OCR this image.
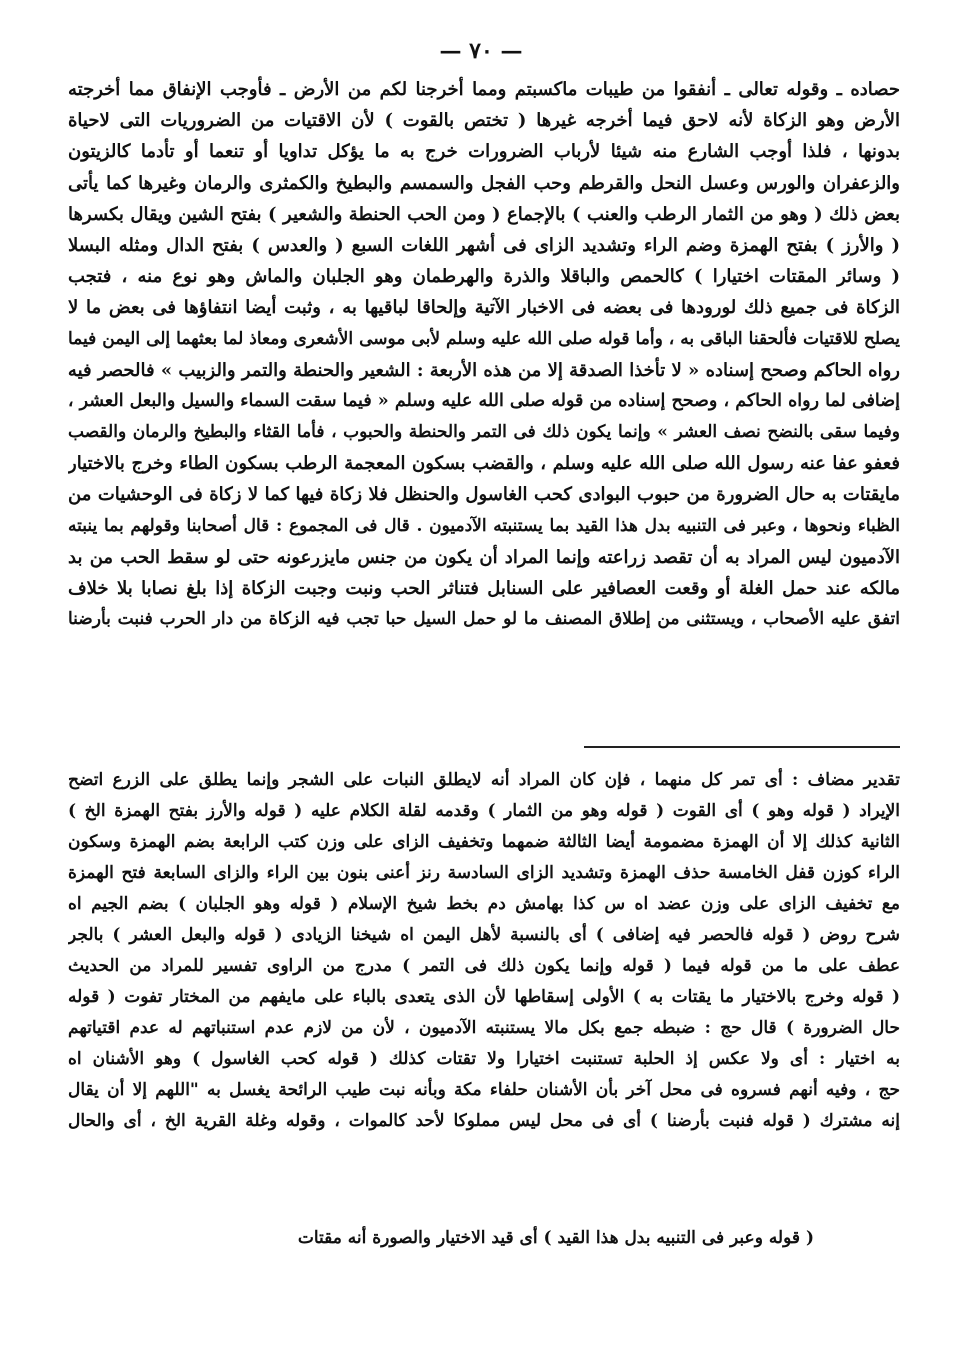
— ٧٠ —
حصاده ـ وقوله تعالى ـ أنفقوا من طيبات ماكسبتم ومما أخرجنا لكم من الأرض ـ فأوجب الإنفاق مما أخرجته
الأرض وهو الزكاة لأنه لاحق فيما أخرجه غيرها ( تختص بالقوت ) لأن الاقتيات من الضروريات التى لاحياة
بدونها ، فلذا أوجب الشارع منه شيئا لأرباب الضرورات خرج به ما يؤكل تداويا أو تنعما أو تأدما كالزيتون
والزعفران والورس وعسل النحل والقرطم وحب الفجل والسمسم والبطيخ والكمثرى والرمان وغيرها كما يأتى
بعض ذلك ( وهو من الثمار الرطب والعنب ) بالإجماع ( ومن الحب الحنطة والشعير ) بفتح الشين ويقال بكسرها
( والأرز ) بفتح الهمزة وضم الراء وتشديد الزاى فى أشهر اللغات السبع ( والعدس ) بفتح الدال ومثله البسلا
( وسائر المقتات اختيارا ) كالحمص والباقلا والذرة والهرطمان وهو الجلبان والماش وهو نوع منه ، فتجب
الزكاة فى جميع ذلك لورودها فى بعضه فى الاخبار الآتية وإلحاقا لباقيها به ، وثبت أيضا انتفاؤها فى بعض ما لا
يصلح للاقتيات فألحقنا الباقى به ، وأما قوله صلى الله عليه وسلم لأبى موسى الأشعرى ومعاذ لما بعثهما إلى اليمن فيما
رواه الحاكم وصحح إسناده « لا تأخذا الصدقة إلا من هذه الأربعة : الشعير والحنطة والتمر والزبيب » فالحصر فيه
إضافى لما رواه الحاكم ، وصحح إسناده من قوله صلى الله عليه وسلم « فيما سقت السماء والسيل والبعل العشر ،
وفيما سقى بالنضح نصف العشر » وإنما يكون ذلك فى التمر والحنطة والحبوب ، فأما القثاء والبطيخ والرمان والقصب
فعفو عفا عنه رسول الله صلى الله عليه وسلم ، والقضب بسكون المعجمة الرطب بسكون الطاء وخرج بالاختيار
مايقتات به حال الضرورة من حبوب البوادى كحب الغاسول والحنظل فلا زكاة فيها كما لا زكاة فى الوحشيات من
الظباء ونحوها ، وعبر فى التنبيه بدل هذا القيد بما يستنبته الآدميون . قال فى المجموع : قال أصحابنا وقولهم بما ينبته
الآدميون ليس المراد به أن تقصد زراعته وإنما المراد أن يكون من جنس مايزرعونه حتى لو سقط الحب من بد
مالكه عند حمل الغلة أو وقعت العصافير على السنابل فتناثر الحب ونبت وجبت الزكاة إذا بلغ نصابا بلا خلاف
اتفق عليه الأصحاب ، ويستثنى من إطلاق المصنف ما لو حمل السيل حبا تجب فيه الزكاة من دار الحرب فنبت بأرضنا
تقدير مضاف : أى تمر كل منهما ، فإن كان المراد أنه لايطلق النبات على الشجر وإنما يطلق على الزرع اتضح
الإيراد ( قوله وهو ) أى القوت ( قوله وهو من الثمار ) وقدمه لقلة الكلام عليه ( قوله والأرز بفتح الهمزة الخ )
الثانية كذلك إلا أن الهمزة مضمومة أيضا الثالثة ضمهما وتخفيف الزاى على وزن كتب الرابعة بضم الهمزة وسكون
الراء كوزن قفل الخامسة حذف الهمزة وتشديد الزاى السادسة رنز أعنى بنون بين الراء والزاى السابعة فتح الهمزة
مع تخفيف الزاى على وزن عضد اه س كذا بهامش دم بخط شيخ الإسلام ( قوله وهو الجلبان ) بضم الجيم اه
شرح روض ( قوله فالحصر فيه إضافى ) أى بالنسبة لأهل اليمن اه شيخنا الزيادى ( قوله والبعل العشر ) بالجر
عطف على ما من قوله فيما ( قوله وإنما يكون ذلك فى التمر ) مدرج من الراوى تفسير للمراد من الحديث
( قوله وخرج بالاختيار ما يقتات به ) الأولى إسقاطها لأن الذى يتعدى بالباء على مايفهم من المختار تفوت ( قوله
حال الضرورة ) قال حج : ضبطه جمع بكل مالا يستنبته الآدميون ، لأن من لازم عدم استنباتهم له عدم اقتياتهم
به اختيار : أى ولا عكس إذ الحلبة تستنبت اختيارا ولا تقتات كذلك ( قوله كحب الغاسول ) وهو الأشنان اه
حج ، وفيه أنهم فسروه فى محل آخر بأن الأشنان حلفاء مكة وبأنه نبت طيب الرائحة يغسل به "اللهم إلا أن يقال
إنه مشترك ( قوله فنبت بأرضنا ) أى فى محل ليس مملوكا لأحد كالموات ، وقوله وغلة القرية الخ ، أى والحال
( قوله وعبر فى التنبيه بدل هذا القيد ) أى قيد الاختيار والصورة أنه مقتات
